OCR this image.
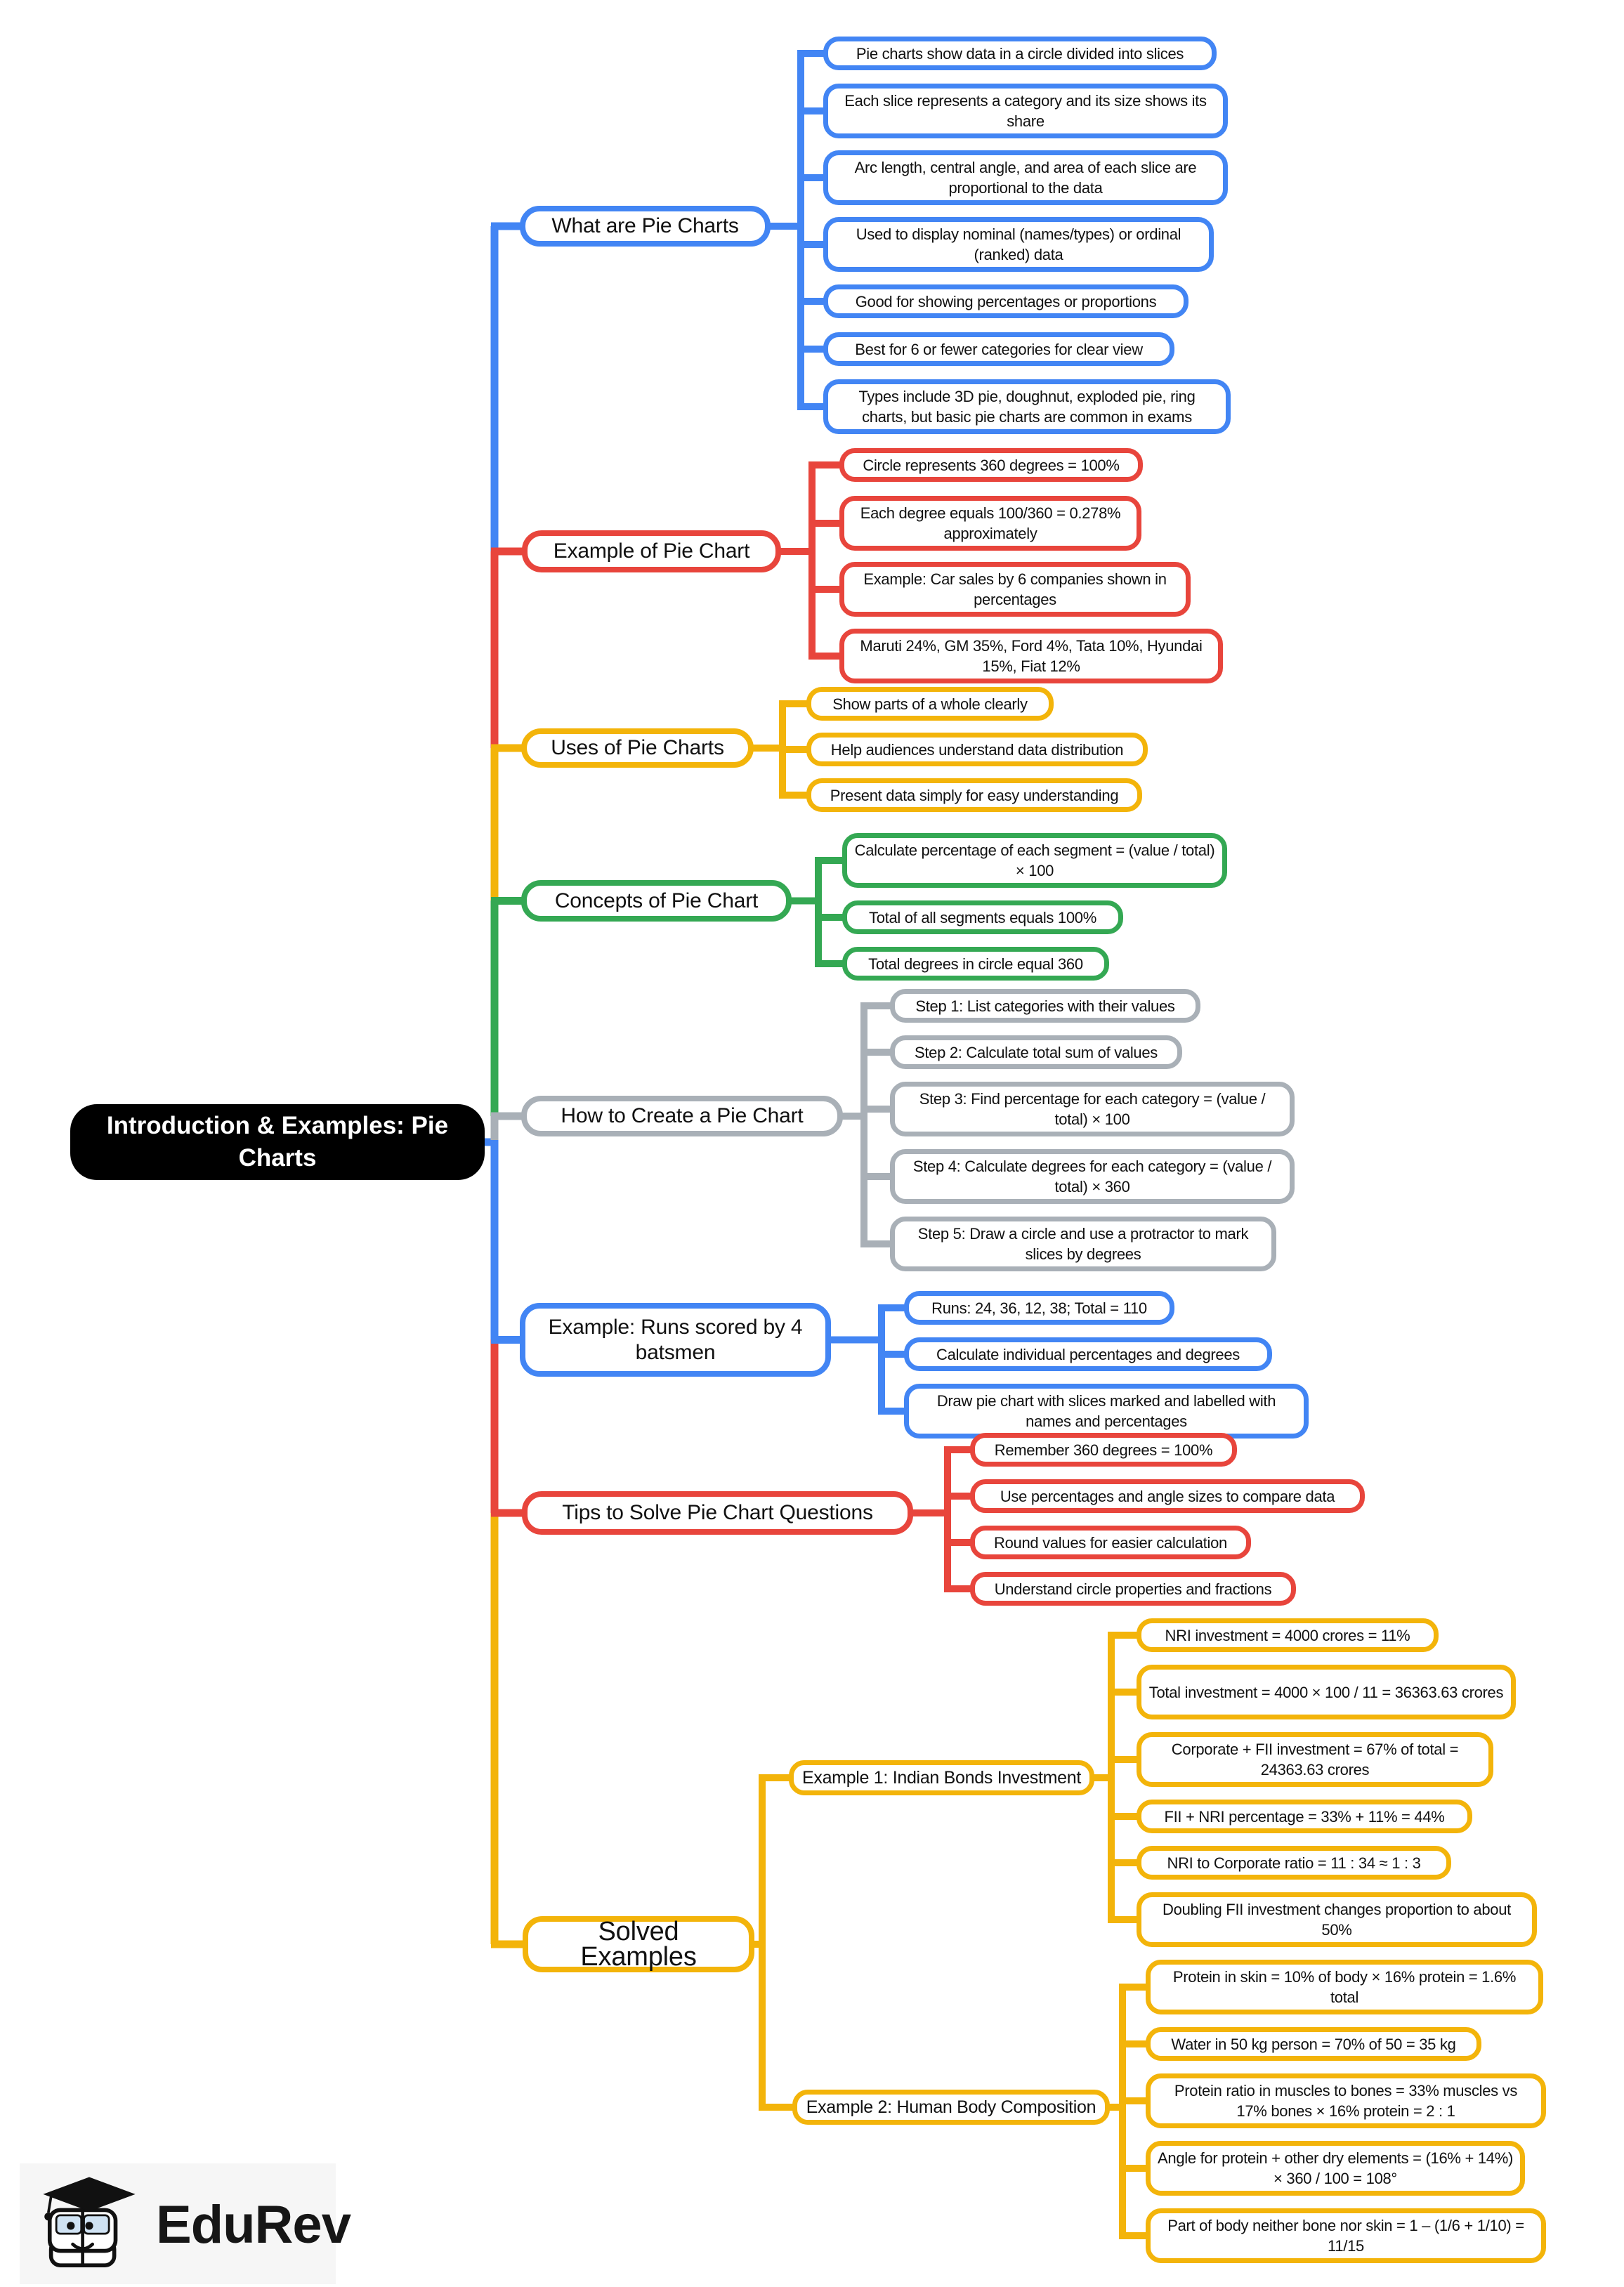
Introduction & Examples: Pie Charts
What are Pie Charts
Pie charts show data in a circle divided into slices
Each slice represents a category and its size shows its share
Arc length, central angle, and area of each slice are proportional to the data
Used to display nominal (names/types) or ordinal (ranked) data
Good for showing percentages or proportions
Best for 6 or fewer categories for clear view
Types include 3D pie, doughnut, exploded pie, ring charts, but basic pie charts are common in exams
Example of Pie Chart
Circle represents 360 degrees = 100%
Each degree equals 100/360 = 0.278% approximately
Example: Car sales by 6 companies shown in percentages
Maruti 24%, GM 35%, Ford 4%, Tata 10%, Hyundai 15%, Fiat 12%
Uses of Pie Charts
Show parts of a whole clearly
Help audiences understand data distribution
Present data simply for easy understanding
Concepts of Pie Chart
Calculate percentage of each segment = (value / total) × 100
Total of all segments equals 100%
Total degrees in circle equal 360
How to Create a Pie Chart
Step 1: List categories with their values
Step 2: Calculate total sum of values
Step 3: Find percentage for each category = (value / total) × 100
Step 4: Calculate degrees for each category = (value / total) × 360
Step 5: Draw a circle and use a protractor to mark slices by degrees
Example: Runs scored by 4 batsmen
Runs: 24, 36, 12, 38; Total = 110
Calculate individual percentages and degrees
Draw pie chart with slices marked and labelled with names and percentages
Tips to Solve Pie Chart Questions
Remember 360 degrees = 100%
Use percentages and angle sizes to compare data
Round values for easier calculation
Understand circle properties and fractions
Solved Examples
Example 1: Indian Bonds Investment
NRI investment = 4000 crores = 11%
Total investment = 4000 × 100 / 11 = 36363.63 crores
Corporate + FII investment = 67% of total = 24363.63 crores
FII + NRI percentage = 33% + 11% = 44%
NRI to Corporate ratio = 11 : 34 ≈ 1 : 3
Doubling FII investment changes proportion to about 50%
Example 2: Human Body Composition
Protein in skin = 10% of body × 16% protein = 1.6% total
Water in 50 kg person = 70% of 50 = 35 kg
Protein ratio in muscles to bones = 33% muscles vs 17% bones × 16% protein = 2 : 1
Angle for protein + other dry elements = (16% + 14%) × 360 / 100 = 108°
Part of body neither bone nor skin = 1 – (1/6 + 1/10) = 11/15
EduRev
